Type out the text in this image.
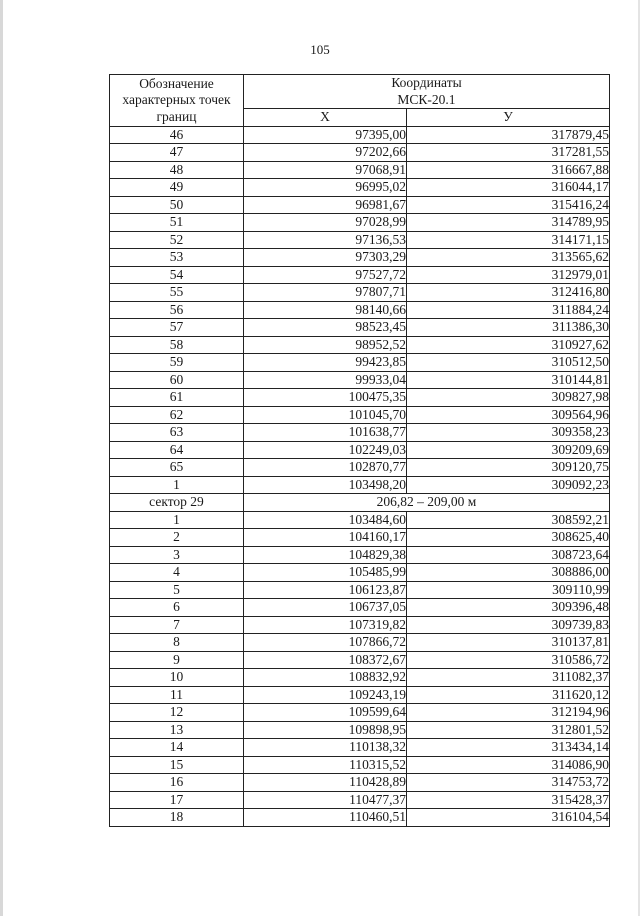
105
Обозначение характерных точек границ	Координаты
МСК-20.1	
	X	У
46	97395,00	317879,45
47	97202,66	317281,55
48	97068,91	316667,88
49	96995,02	316044,17
50	96981,67	315416,24
51	97028,99	314789,95
52	97136,53	314171,15
53	97303,29	313565,62
54	97527,72	312979,01
55	97807,71	312416,80
56	98140,66	311884,24
57	98523,45	311386,30
58	98952,52	310927,62
59	99423,85	310512,50
60	99933,04	310144,81
61	100475,35	309827,98
62	101045,70	309564,96
63	101638,77	309358,23
64	102249,03	309209,69
65	102870,77	309120,75
1	103498,20	309092,23
сектор 29	206,82 – 209,00 м	
1	103484,60	308592,21
2	104160,17	308625,40
3	104829,38	308723,64
4	105485,99	308886,00
5	106123,87	309110,99
6	106737,05	309396,48
7	107319,82	309739,83
8	107866,72	310137,81
9	108372,67	310586,72
10	108832,92	311082,37
11	109243,19	311620,12
12	109599,64	312194,96
13	109898,95	312801,52
14	110138,32	313434,14
15	110315,52	314086,90
16	110428,89	314753,72
17	110477,37	315428,37
18	110460,51	316104,54
